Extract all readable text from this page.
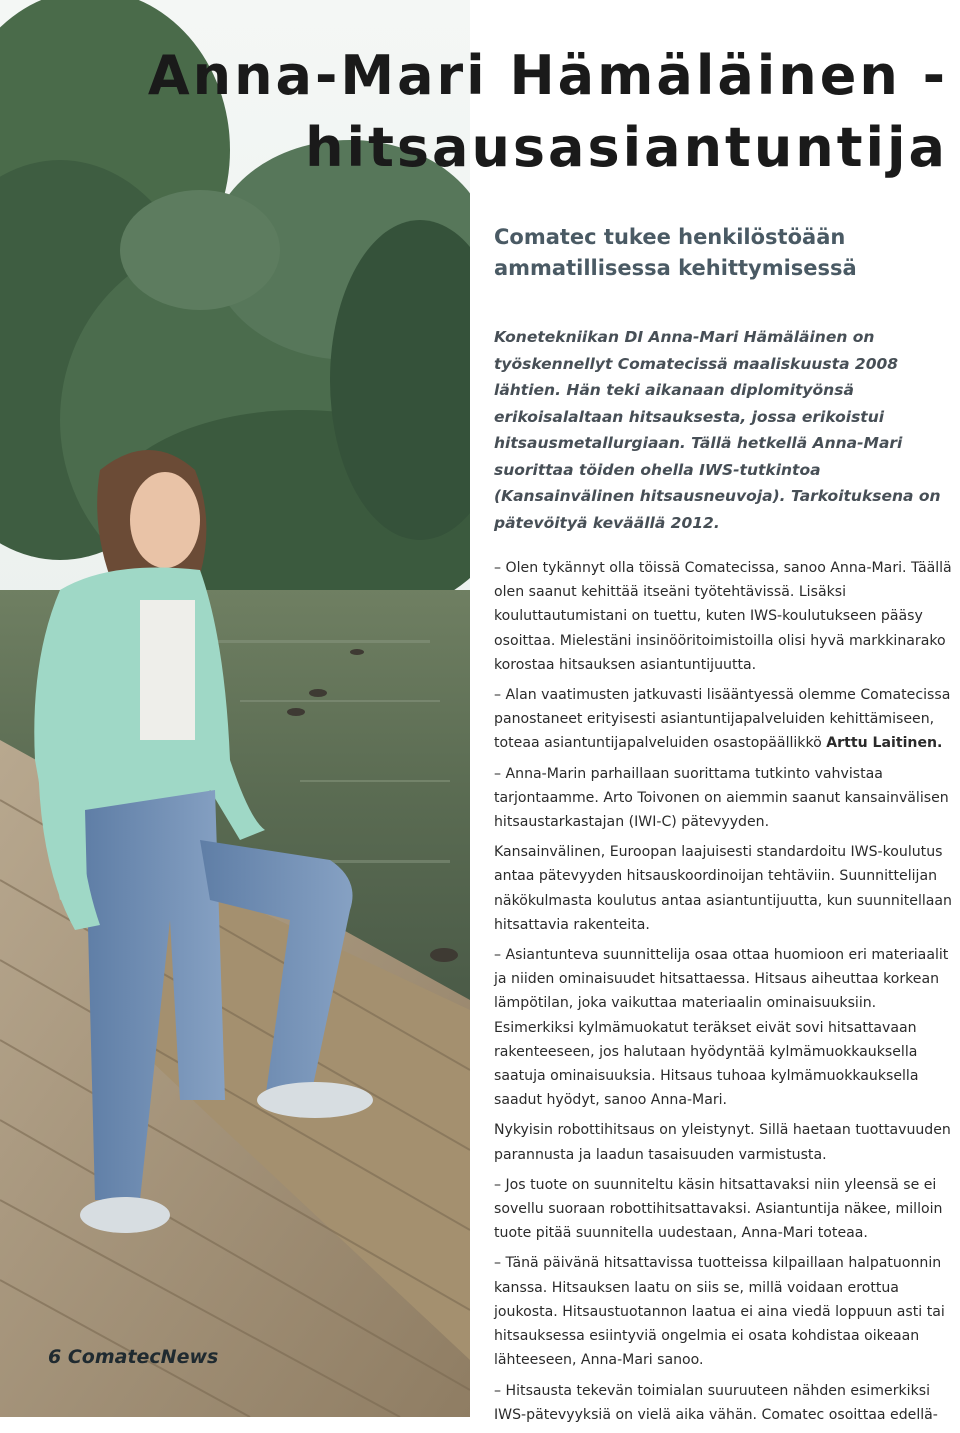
Anna-Mari Hämäläinen -
hitsausasiantuntija
Comatec tukee henkilöstöään ammatillisessa kehittymisessä

Konetekniikan DI Anna-Mari Hämäläinen on työskennellyt Comatecissä maaliskuusta 2008 lähtien. Hän teki aikanaan diplomityönsä erikoisalaltaan hitsauksesta, jossa erikoistui hitsausmetallurgiaan. Tällä hetkellä Anna-Mari suorittaa töiden ohella IWS-tutkintoa (Kansainvälinen hitsausneuvoja). Tarkoituksena on pätevöityä keväällä 2012.

– Olen tykännyt olla töissä Comatecissa, sanoo Anna-Mari. Täällä olen saanut kehittää itseäni työtehtävissä. Lisäksi kouluttautumistani on tuettu, kuten IWS-koulutukseen pääsy osoittaa. Mielestäni insinööritoimistoilla olisi hyvä markkinarako korostaa hitsauksen asiantuntijuutta.

– Alan vaatimusten jatkuvasti lisääntyessä olemme Comatecissa panostaneet erityisesti asiantuntijapalveluiden kehittämiseen, toteaa asiantuntijapalveluiden osastopäällikkö Arttu Laitinen.

– Anna-Marin parhaillaan suorittama tutkinto vahvistaa tarjontaamme. Arto Toivonen on aiemmin saanut kansainvälisen hitsaustarkastajan (IWI-C) pätevyyden.

Kansainvälinen, Euroopan laajuisesti standardoitu IWS-koulutus antaa pätevyyden hitsauskoordinoijan tehtäviin. Suunnittelijan näkökulmasta koulutus antaa asiantuntijuutta, kun suunnitellaan hitsattavia rakenteita.

– Asiantunteva suunnittelija osaa ottaa huomioon eri materiaalit ja niiden ominaisuudet hitsattaessa. Hitsaus aiheuttaa korkean lämpötilan, joka vaikuttaa materiaalin ominaisuuksiin. Esimerkiksi kylmämuokatut teräkset eivät sovi hitsattavaan rakenteeseen, jos halutaan hyödyntää kylmämuokkauksella saatuja ominaisuuksia. Hitsaus tuhoaa kylmämuokkauksella saadut hyödyt, sanoo Anna-Mari.

Nykyisin robottihitsaus on yleistynyt. Sillä haetaan tuottavuuden parannusta ja laadun tasaisuuden varmistusta.

– Jos tuote on suunniteltu käsin hitsattavaksi niin yleensä se ei sovellu suoraan robottihitsattavaksi. Asiantuntija näkee, milloin tuote pitää suunnitella uudestaan, Anna-Mari toteaa.

– Tänä päivänä hitsattavissa tuotteissa kilpaillaan halpatuonnin kanssa. Hitsauksen laatu on siis se, millä voidaan erottua joukosta. Hitsaustuotannon laatua ei aina viedä loppuun asti tai hitsauksessa esiintyviä ongelmia ei osata kohdistaa oikeaan lähteeseen, Anna-Mari sanoo.

– Hitsausta tekevän toimialan suuruuteen nähden esimerkiksi IWS-pätevyyksiä on vielä aika vähän. Comatec osoittaa edellä-

6 ComatecNews
